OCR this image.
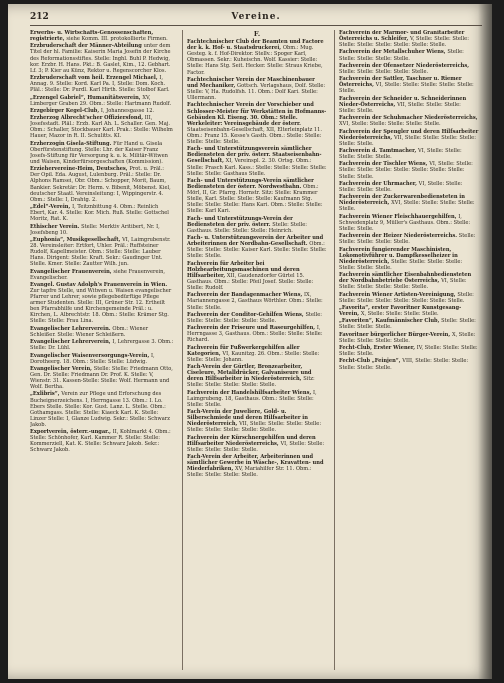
212	Vereine.
Erwerbs- u. Wirtschafts-Genossenschaften, registrierte, siehe Komm. III. protokollierte Firmen.
Erzbruderschaft der Männer-Abteilung unter dem Titel der hl. Familie: Kaiserin Maria Josefin der Kirche des Reformationsstiftes. Stelle: Inghl. Buhl P. Hedwig, kor. Erzbr. H. Hans. Pkt.: B. Gaslet, Kim., 12. Gebhart. Lf. 3; P. Kier au Künz, Rektor u. Regenscorcher Klos.
Erzbruderschaft vom heil. Erzengel Michael, I, Annag. 9. Stelle: Kord. Karl Pa. I, Stelle: Dom. Koch. Pläl.: Stelle: Dr. Purdl. Karl Hirth. Stelle: Stolbof Karl.
„Erzengel Gabriel“, Humanitätsverein, XV, Limberger Graben 29. Obm.: Stelle: Hartmann Rudolf.
Erzgebirger Kegel-Club, I, Johannesgasse 12.
Erzherzog Albrecht'scher Offiziersfond, III, Josefsstadt. Pläl.: Erzb. Karl Ah. L. Schaller. Gen. Maj. Obm.: Schaller, Stockbauer Karl. Prak.: Stelle: Wilhelm Hauer, Mazor in R. II. Schulitts. KI.
Erzherzogin Gisela-Stiftung. Für Hand u. Gisela Oberfürstenstiftung. Stelle: Lhr. der Kaiser Franz Josefs-Stiftung für Versorgung k. u. k. Militär-Witwen und Waisen, Kinderfürsorgeschaften (Kommission).
Erziehervereine-Heim, Deutsches, Prot. u. Präl.: Der Opil. Eda. August, Lulenburg. Präl.: Stelle: Dr. Alphons Ramsei, Obr. Obm.: Schopper, Morit, Baum, Bankier. Sekretär: Dr. Herm. v. Bibenit, Möbenst. Kiel, deutscher Staatl. Vereinsleitung: I, Wippingerstr. 4. Obm.: Stelle: I, Drahtg. 2.
„Edel“-Verein, I, Teitznbittung 4. Obm.: Reinlich Ebert, Kar. 4. Stelle: Kor. Mich. Ruß. Stelle: Gottschel Moritz, Rat. K.
Ethischer Verein. Stelle: Merktiv Aritibert, Nr. I, Josefsbeng 10.
„Euphonia“, Musikgesellschaft, VI, Laimgrubenstr. 28. Vereinsleiter: Ertfort, Uhler. Präl.: Ruffsteiner Rudolf, Kapellmeister. Obm.: Stelle: Stelle: Lauber Hans. Dirigent: Stelle: Kraft. Sekr.: Gaudinger Unt. Stelle. Kmer. Stelle: Zautter Wilh. jun.
Evangelischer Frauenverein, siehe Frauenverein, Evangelischer.
Evangel. Gustav Adolph's Frauenverein in Wien. Zur tapfre Stelle, und Witwen u. Waisen evangelischer Pfarrer und Lehrer, sowie pflegebedürftige Pflege armer Studenten. Stelle: III, Grüner Str. 12. Ertheilt ben Pfarrabhilfe und Kirchengemeinde Präl.: u. Kirchen, L. Albrechtstr. 18. Obm.: Stelle: Krämer Stg. Stelle: Stelle: Frau Lina.
Evangelischer Lehrerverein. Obm.: Wiener Schleißer. Stelle: Wiener Schleißern.
Evangelischer Lehrerverein, I, Lehrergasse 3. Obm.: Stelle: Dr. Lühl.
Evangelischer Waisenversorgungs-Verein, I, Dorotheerg. 18. Obm.: Stelle: Stelle: Lüdwig.
Evangelischer Verein, Stelle: Stelle: Friedmann Otto, Gen. Dr. Stelle: Friedmann Dr. Prof. K. Stelle: V, Wienstr. 31. Kassen-Stelle: Stelle: Wolf. Hermann und Wolf. Bertha.
„Exlibris“, Verein zur Pflege und Erforschung des Bucheignerzeichens. I, Herrngasse 13. Obm.: I. Lo. Ebers Stelle. Stelle: Kor. Gust. Lanz. L. Stelle. Obm.: Gothamgass. Stelle: Stelle: Kiaeck Karl. K. Stelle: Linzer Stelle: I, Glanze Ludwig. Sekr.: Stelle: Schwarz Jakob.
Exportverein, österr.-ungar., II, Kohlmarkt 4. Obm.: Stelle: Schönhofer, Karl. Kammer R. Stelle: Stelle: Kommerziell, Kat. K. Stelle: Schwarz Jakob. Sekr.: Schwarz Jakob.
F.
Fachtechnischer Club der Beamten und Factore der k. k. Hof- u. Staatsdruckerei, Obm.: Mug. Gesteg. k. f. Hof-Direktor. Stellv.: Spoger Karl, Obmassen. Sekr.: Kuheischn. Wolf. Kassier: Stelle: Stelle: Hans Stg. Seit. Hecker. Stelle: Straus Kriebe, Factor.
Fachtechnischer Verein der Maschinenbauer und Mechaniker, Gottsch. Verlagshaus, Dolf. Stelle: Stelle: V, Ha. Rudolfsh. 11. Obm.: Dolf Kari. Stelle: Ullermann.
Fachtechnischer Verein der Vorschieber und Schlosser-Meister für Werkstätten in Hofmanns-Gebäuden Kl. Eiseng. 30. Obm.: Stelle. Werkeleiter: Vereinsgebäude der österr. Staatseisenbahn-Gesellschaft, XII, Elterleinplatz 11. Obm.: Franz 15. Kesse's Gasth. Obm.: Stelle: Stelle: Stelle: Stelle: Stelle.
Fach- und Unterstützungsverein sämtlicher Bediensteten der priv. österr. Staatseisenbahn-Gesellschaft, XI, Vereinspl. 2. 30. Ortsg. Obm.: Stelle: Prasch Karl. Kass.: Stelle: Stelle: Stelle: Stelle: Stelle: Stelle: Gasthaus Stelle.
Fach- und Unterstützungs-Verein sämtlicher Bediensteten der österr. Nordwestbahn. Obm.: Mörl, II, Gr. Pfarrg. Hornstr. Sitz: Stelle: Krammer Stelle, Karl. Stelle: Stelle: Stelle: Kaufmann Stg. Stelle: Stelle: Stelle: Hans Kari. Obm.: Stelle: Stelle: Stelle: Karl Kari.
Fach- und Unterstützungs-Verein der Bediensteten der priv. österr. Stelle: Stelle: Gasthaus. Stelle: Stelle: Stelle: Heinrich.
Fach- u. Unterstützungsverein der Arbeiter und Arbeiterinnen der Nordbahn-Gesellschaft. Obm.: Stelle: Stelle: Stelle: Kaiser Karl. Stelle: Stelle: Stelle: Stelle: Stelle.
Fachverein für Arbeiter bei Holzbearbeitungsmaschinen und deren Hilfsarbeiter, XII, Gaudenzdorfer Gürtel 15. Gasthaus. Obm.: Stelle: Pfeil Josef. Stelle: Stelle: Stelle: Rudolf.
Fachverein der Bandagenmacher Wiens, IX, Mariannengasse 2, Gasthaus Wörthler. Obm.: Stelle: Stelle: Stelle.
Fachverein der Conditor-Gehilfen Wiens, Stelle: Stelle: Stelle: Stelle: Stelle: Stelle.
Fachverein der Friseure und Raseurgehilfen, I, Herrngasse 3, Gasthaus. Obm.: Stelle: Stelle: Stelle: Richard.
Fachverein für Fußwerkergehilfen aller Kategorien, VI, Kaunitzg. 26. Obm.: Stelle: Stelle: Stelle: Stelle: Johann.
Fach-Verein der Gürtler, Bronzearbeiter, Ciseleure, Metalldrücker, Galvaniseure und deren Hilfsarbeiter in Niederösterreich, Sitz: Stelle: Stelle: Stelle: Stelle: Stelle.
Fachverein der Handelshilfsarbeiter Wiens, I, Laimgrubeng. 18, Gasthaus. Obm.: Stelle: Stelle: Stelle: Stelle.
Fach-Verein der Juweliere, Gold- u. Silberschmiede und deren Hilfsarbeiter in Niederösterreich, VII, Stelle: Stelle: Stelle: Stelle: Stelle: Stelle: Stelle: Stelle: Stelle.
Fachverein der Kürschnergehilfen und deren Hilfsarbeiter Niederösterreichs, VI, Stelle: Stelle: Stelle: Stelle: Stelle: Stelle.
Fach-Verein der Arbeiter, Arbeiterinnen und sämtlicher Gewerbe in Wäsche-, Kravatten- und Miederfabriken, XV, Mariahilfer Str. 11. Obm.: Stelle: Stelle: Stelle: Stelle.
Fachverein der Marmor- und Granitarbeiter Österreichs u. Schleifer, V, Stelle: Stelle: Stelle: Stelle: Stelle: Stelle: Stelle: Stelle: Stelle.
Fachverein der Metallschuher Wiens, Stelle: Stelle: Stelle: Stelle: Stelle.
Fachverein der Ofensetzer Niederösterreichs, Stelle: Stelle: Stelle: Stelle: Stelle.
Fachverein der Sattler, Taschner u. Riemer Österreichs, VI, Stelle: Stelle: Stelle: Stelle: Stelle: Stelle.
Fachverein der Schneider u. Schneiderinnen Nieder-Österreichs, VII, Stelle: Stelle: Stelle: Stelle: Stelle.
Fachverein der Schuhmacher Niederösterreichs, XVI, Stelle: Stelle: Stelle: Stelle: Stelle.
Fachverein der Spengler und deren Hilfsarbeiter Niederösterreichs, VII, Stelle: Stelle: Stelle: Stelle: Stelle: Stelle.
Fachverein d. Tamtmacher, VI, Stelle: Stelle: Stelle: Stelle: Stelle.
Fachverein der Tischler Wiens, VI, Stelle: Stelle: Stelle: Stelle: Stelle: Stelle: Stelle: Stelle: Stelle: Stelle: Stelle.
Fachverein der Uhrmacher, VI, Stelle: Stelle: Stelle: Stelle: Stelle.
Fachverein der Zuckerwarenbediensteten in Niederösterreich, XVI, Stelle: Stelle: Stelle: Stelle: Stelle.
Fachverein Wiener Fleischhauergehilfen, I, Schwedenplatz 9, Müller's Gasthaus. Obm.: Stelle: Stelle: Stelle.
Fachverein der Heizer Niederösterreichs. Stelle: Stelle: Stelle: Stelle: Stelle.
Fachverein fungierender Maschinisten, Lokomotivführer u. Dampfkesselheizer in Niederösterreich, Stelle: Stelle: Stelle: Stelle: Stelle: Stelle: Stelle.
Fachverein sämtlicher Eisenbahnbediensteten der Nordbahnbetriebe Österreichs, VI, Stelle: Stelle: Stelle: Stelle: Stelle: Stelle.
Fachverein Wiener Artisten-Vereinigung, Stelle: Stelle: Stelle: Stelle: Stelle: Stelle: Stelle: Stelle.
„Favorita“, erster Favoritner Kunstgesang-Verein, X, Stelle: Stelle: Stelle: Stelle.
„Favoriten“, Kaufmännischer Club, Stelle: Stelle: Stelle: Stelle: Stelle.
Favoritner bürgerlicher Bürger-Verein, X, Stelle: Stelle: Stelle: Stelle: Stelle.
Fecht-Club, Erster Wiener, IV, Stelle: Stelle: Stelle: Stelle: Stelle.
Fecht-Club „Feinjen“, VIII, Stelle: Stelle: Stelle: Stelle: Stelle: Stelle.
